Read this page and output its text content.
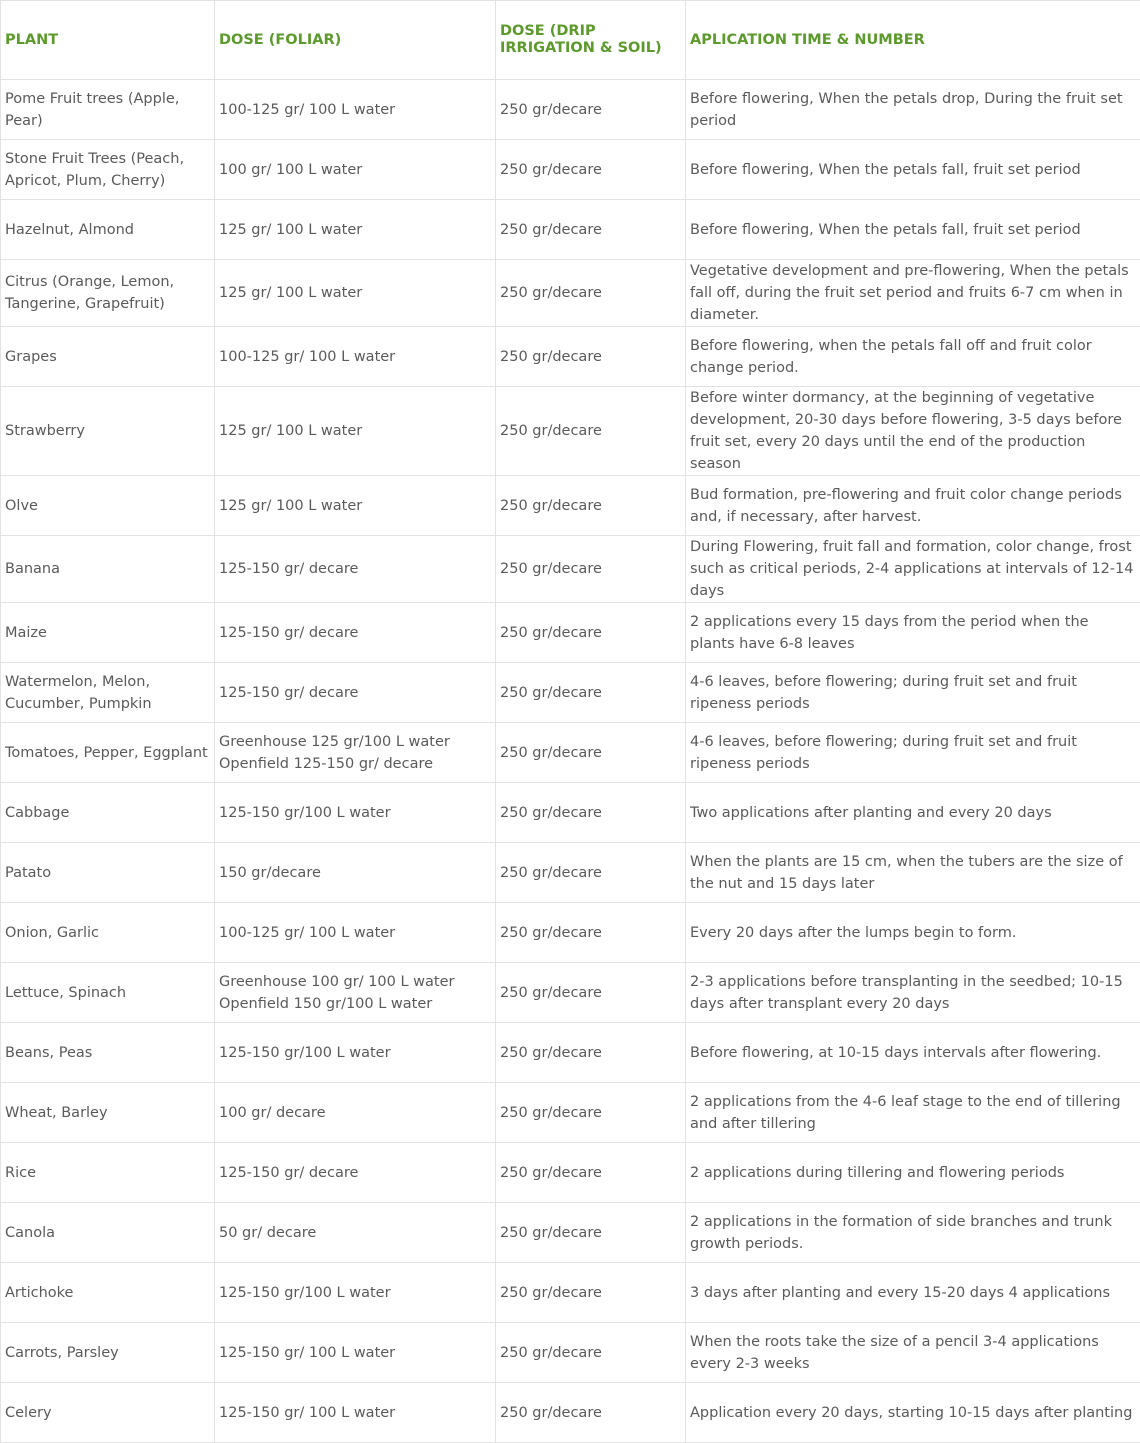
PLANT	DOSE (FOLIAR)	DOSE (DRIP IRRIGATION & SOIL)	APLICATION TIME & NUMBER
Pome Fruit trees (Apple, Pear)	100-125 gr/ 100 L water	250 gr/decare	Before flowering, When the petals drop, During the fruit set period
Stone Fruit Trees (Peach, Apricot, Plum, Cherry)	100 gr/ 100 L water	250 gr/decare	Before flowering, When the petals fall, fruit set period
Hazelnut, Almond	125 gr/ 100 L water	250 gr/decare	Before flowering, When the petals fall, fruit set period
Citrus (Orange, Lemon, Tangerine, Grapefruit)	125 gr/ 100 L water	250 gr/decare	Vegetative development and pre-flowering, When the petals fall off, during the fruit set period and fruits 6-7 cm when in diameter.
Grapes	100-125 gr/ 100 L water	250 gr/decare	Before flowering, when the petals fall off and fruit color change period.
Strawberry	125 gr/ 100 L water	250 gr/decare	Before winter dormancy, at the beginning of vegetative development, 20-30 days before flowering, 3-5 days before fruit set, every 20 days until the end of the production season
Olve	125 gr/ 100 L water	250 gr/decare	Bud formation, pre-flowering and fruit color change periods and, if necessary, after harvest.
Banana	125-150 gr/ decare	250 gr/decare	During Flowering, fruit fall and formation, color change, frost such as critical periods, 2-4 applications at intervals of 12-14 days
Maize	125-150 gr/ decare	250 gr/decare	2 applications every 15 days from the period when the plants have 6-8 leaves
Watermelon, Melon, Cucumber, Pumpkin	125-150 gr/ decare	250 gr/decare	4-6 leaves, before flowering; during fruit set and fruit ripeness periods
Tomatoes, Pepper, Eggplant	Greenhouse 125 gr/100 L water Openfield 125-150 gr/ decare	250 gr/decare	4-6 leaves, before flowering; during fruit set and fruit ripeness periods
Cabbage	125-150 gr/100 L water	250 gr/decare	Two applications after planting and every 20 days
Patato	150 gr/decare	250 gr/decare	When the plants are 15 cm, when the tubers are the size of the nut and 15 days later
Onion, Garlic	100-125 gr/ 100 L water	250 gr/decare	Every 20 days after the lumps begin to form.
Lettuce, Spinach	Greenhouse 100 gr/ 100 L water Openfield 150 gr/100 L water	250 gr/decare	2-3 applications before transplanting in the seedbed; 10-15 days after transplant every 20 days
Beans, Peas	125-150 gr/100 L water	250 gr/decare	Before flowering, at 10-15 days intervals after flowering.
Wheat, Barley	100 gr/ decare	250 gr/decare	2 applications from the 4-6 leaf stage to the end of tillering and after tillering
Rice	125-150 gr/ decare	250 gr/decare	2 applications during tillering and flowering periods
Canola	50 gr/ decare	250 gr/decare	2 applications in the formation of side branches and trunk growth periods.
Artichoke	125-150 gr/100 L water	250 gr/decare	3 days after planting and every 15-20 days 4 applications
Carrots, Parsley	125-150 gr/ 100 L water	250 gr/decare	When the roots take the size of a pencil 3-4 applications every 2-3 weeks
Celery	125-150 gr/ 100 L water	250 gr/decare	Application every 20 days, starting 10-15 days after planting
